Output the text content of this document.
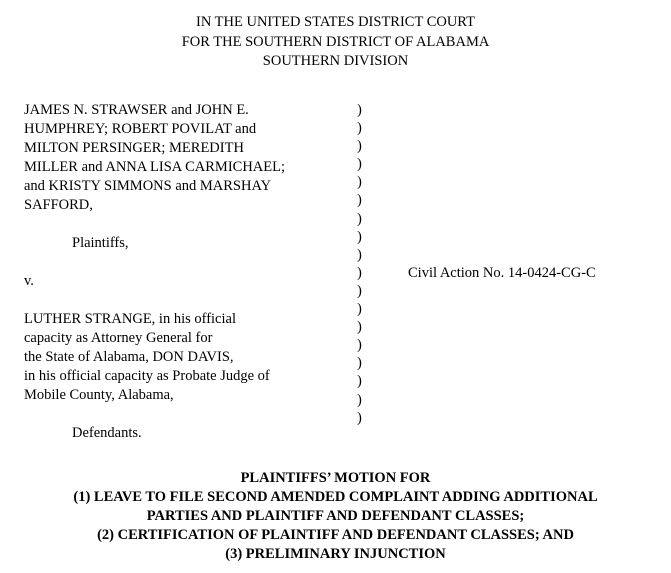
IN THE UNITED STATES DISTRICT COURT
FOR THE SOUTHERN DISTRICT OF ALABAMA
SOUTHERN DIVISION
JAMES N. STRAWSER and JOHN E.
HUMPHREY; ROBERT POVILAT and
MILTON PERSINGER; MEREDITH
MILLER and ANNA LISA CARMICHAEL;
and KRISTY SIMMONS and MARSHAY
SAFFORD,
Plaintiffs,
v.
LUTHER STRANGE, in his official
capacity as Attorney General for
the State of Alabama, DON DAVIS,
in his official capacity as Probate Judge of
Mobile County, Alabama,
Defendants.
)
)
)
)
)
)
)
)
)
)
)
)
)
)
)
)
)
)
Civil Action No. 14-0424-CG-C
PLAINTIFFS’ MOTION FOR
(1) LEAVE TO FILE SECOND AMENDED COMPLAINT ADDING ADDITIONAL
PARTIES AND PLAINTIFF AND DEFENDANT CLASSES;
(2) CERTIFICATION OF PLAINTIFF AND DEFENDANT CLASSES; AND
(3) PRELIMINARY INJUNCTION
